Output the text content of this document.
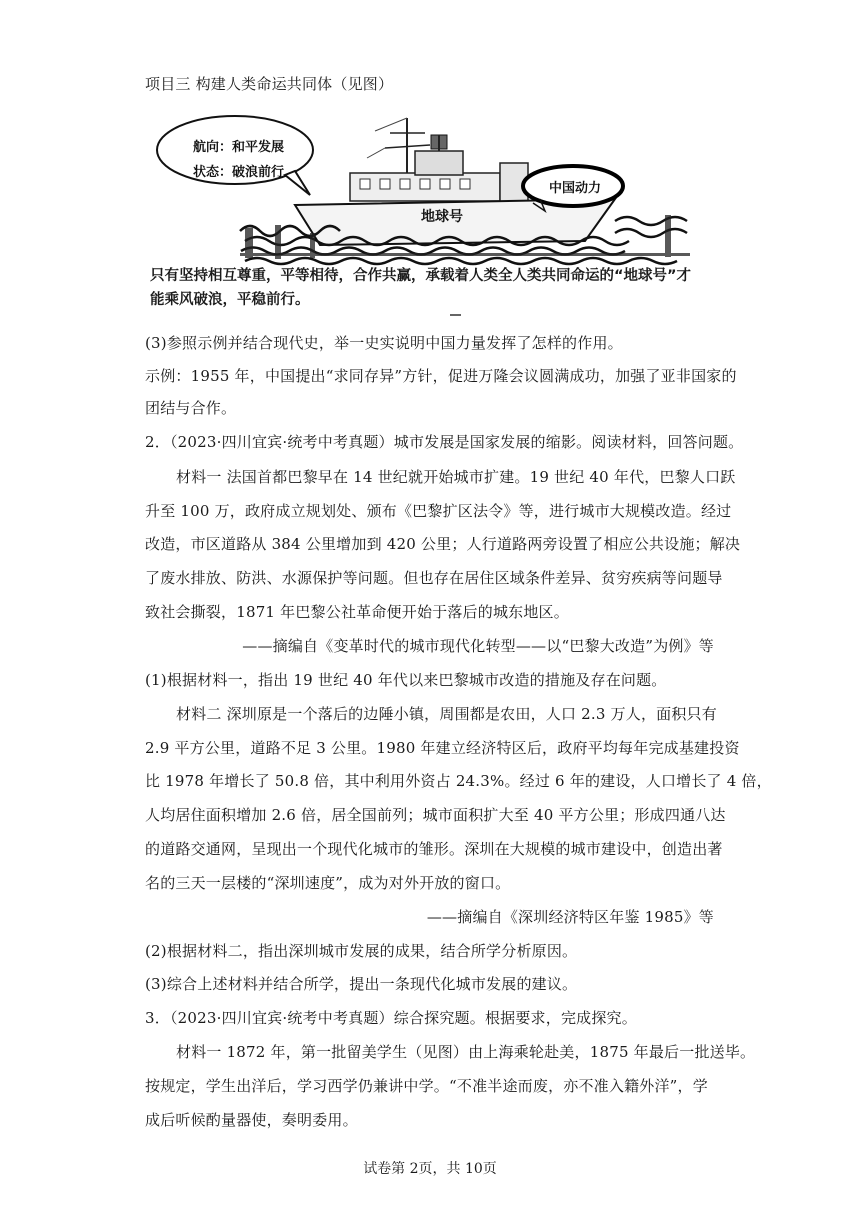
项目三 构建人类命运共同体（见图）
航向：和平发展
状态：破浪前行
地球号
中国动力
只有坚持相互尊重，平等相待，合作共赢，承载着人类全人类共同命运的“地球号”才
能乘风破浪，平稳前行。
(3)参照示例并结合现代史，举一史实说明中国力量发挥了怎样的作用。
示例：1955 年，中国提出“求同存异”方针，促进万隆会议圆满成功，加强了亚非国家的
团结与合作。
2．（2023·四川宜宾·统考中考真题）城市发展是国家发展的缩影。阅读材料，回答问题。
材料一 法国首都巴黎早在 14 世纪就开始城市扩建。19 世纪 40 年代，巴黎人口跃
升至 100 万，政府成立规划处、颁布《巴黎扩区法令》等，进行城市大规模改造。经过
改造，市区道路从 384 公里增加到 420 公里；人行道路两旁设置了相应公共设施；解决
了废水排放、防洪、水源保护等问题。但也存在居住区域条件差异、贫穷疾病等问题导
致社会撕裂，1871 年巴黎公社革命便开始于落后的城东地区。
——摘编自《变革时代的城市现代化转型——以“巴黎大改造”为例》等
(1)根据材料一，指出 19 世纪 40 年代以来巴黎城市改造的措施及存在问题。
材料二 深圳原是一个落后的边陲小镇，周围都是农田，人口 2.3 万人，面积只有
2.9 平方公里，道路不足 3 公里。1980 年建立经济特区后，政府平均每年完成基建投资
比 1978 年增长了 50.8 倍，其中利用外资占 24.3%。经过 6 年的建设，人口增长了 4 倍，
人均居住面积增加 2.6 倍，居全国前列；城市面积扩大至 40 平方公里；形成四通八达
的道路交通网，呈现出一个现代化城市的雏形。深圳在大规模的城市建设中，创造出著
名的三天一层楼的“深圳速度”，成为对外开放的窗口。
——摘编自《深圳经济特区年鉴 1985》等
(2)根据材料二，指出深圳城市发展的成果，结合所学分析原因。
(3)综合上述材料并结合所学，提出一条现代化城市发展的建议。
3．（2023·四川宜宾·统考中考真题）综合探究题。根据要求，完成探究。
材料一 1872 年，第一批留美学生（见图）由上海乘轮赴美，1875 年最后一批送毕。
按规定，学生出洋后，学习西学仍兼讲中学。“不准半途而废，亦不准入籍外洋”，学
成后听候酌量器使，奏明委用。
试卷第 2页，共 10页
